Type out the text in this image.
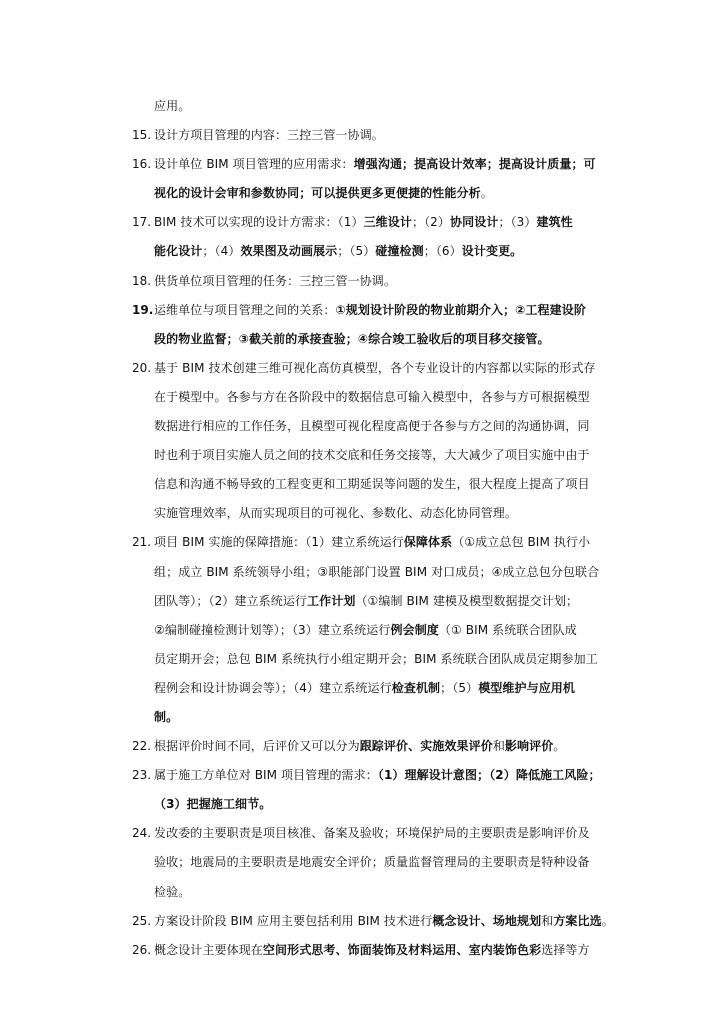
应用。
15. 设计方项目管理的内容：三控三管一协调。
16. 设计单位 BIM 项目管理的应用需求：增强沟通；提高设计效率；提高设计质量；可
视化的设计会审和参数协同；可以提供更多更便捷的性能分析。
17. BIM 技术可以实现的设计方需求：（1）三维设计；（2）协同设计；（3）建筑性
能化设计；（4）效果图及动画展示；（5）碰撞检测；（6）设计变更。
18. 供货单位项目管理的任务：三控三管一协调。
19. 运维单位与项目管理之间的关系：①规划设计阶段的物业前期介入；②工程建设阶
段的物业监督；③截关前的承接查验；④综合竣工验收后的项目移交接管。
20. 基于 BIM 技术创建三维可视化高仿真模型，各个专业设计的内容都以实际的形式存
在于模型中。各参与方在各阶段中的数据信息可输入模型中，各参与方可根据模型
数据进行相应的工作任务，且模型可视化程度高便于各参与方之间的沟通协调，同
时也利于项目实施人员之间的技术交底和任务交接等，大大减少了项目实施中由于
信息和沟通不畅导致的工程变更和工期延误等问题的发生，很大程度上提高了项目
实施管理效率，从而实现项目的可视化、参数化、动态化协同管理。
21. 项目 BIM 实施的保障措施：（1）建立系统运行保障体系（①成立总包 BIM 执行小
组；成立 BIM 系统领导小组；③职能部门设置 BIM 对口成员；④成立总包分包联合
团队等）；（2）建立系统运行工作计划（①编制 BIM 建模及模型数据提交计划；
②编制碰撞检测计划等）；（3）建立系统运行例会制度（① BIM 系统联合团队成
员定期开会；总包 BIM 系统执行小组定期开会；BIM 系统联合团队成员定期参加工
程例会和设计协调会等）；（4）建立系统运行检查机制；（5）模型维护与应用机
制。
22. 根据评价时间不同，后评价又可以分为跟踪评价、实施效果评价和影响评价。
23. 属于施工方单位对 BIM 项目管理的需求：（1）理解设计意图；（2）降低施工风险；
（3）把握施工细节。
24. 发改委的主要职责是项目核准、备案及验收；环境保护局的主要职责是影响评价及
验收；地震局的主要职责是地震安全评价；质量监督管理局的主要职责是特种设备
检验。
25. 方案设计阶段 BIM 应用主要包括利用 BIM 技术进行概念设计、场地规划和方案比选。
26. 概念设计主要体现在空间形式思考、饰面装饰及材料运用、室内装饰色彩选择等方
